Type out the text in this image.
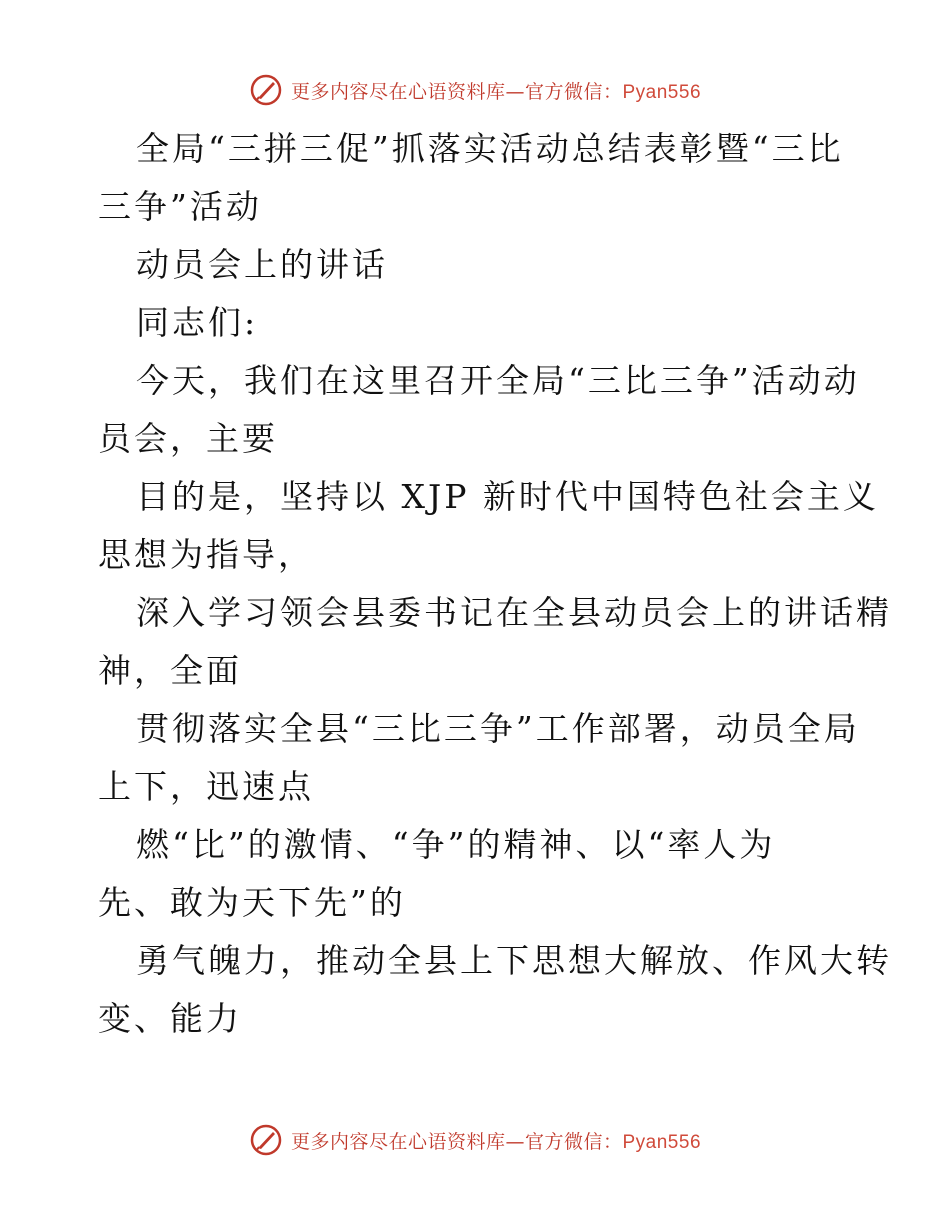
更多内容尽在心语资料库—官方微信：Pyan556
全局“三拼三促”抓落实活动总结表彰暨“三比
三争”活动
动员会上的讲话
同志们:
今天，我们在这里召开全局“三比三争”活动动
员会，主要
目的是，坚持以 XJP 新时代中国特色社会主义
思想为指导，
深入学习领会县委书记在全县动员会上的讲话精
神，全面
贯彻落实全县“三比三争”工作部署，动员全局
上下，迅速点
燃“比”的激情、“争”的精神、以“率人为
先、敢为天下先”的
勇气魄力，推动全县上下思想大解放、作风大转
变、能力
更多内容尽在心语资料库—官方微信：Pyan556
